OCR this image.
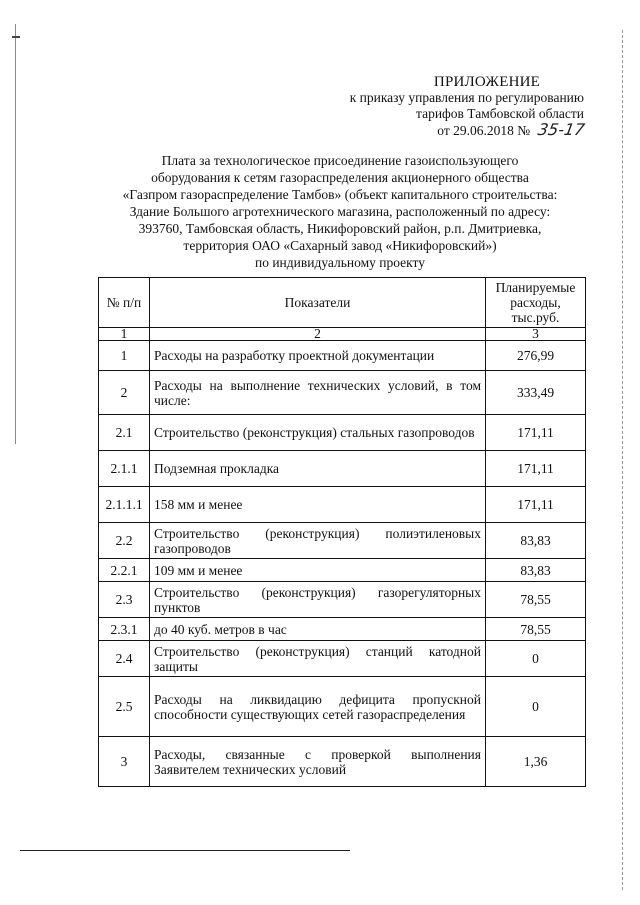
ПРИЛОЖЕНИЕ
к приказу управления по регулированию
тарифов Тамбовской области
от 29.06.2018 № 35-17
Плата за технологическое присоединение газоиспользующего
оборудования к сетям газораспределения акционерного общества
«Газпром газораспределение Тамбов» (объект капитального строительства:
Здание Большого агротехнического магазина, расположенный по адресу:
393760, Тамбовская область, Никифоровский район, р.п. Дмитриевка,
территория ОАО «Сахарный завод «Никифоровский»)
по индивидуальному проекту
№ п/п	Показатели	Планируемые расходы, тыс.руб.
1	2	3
1	Расходы на разработку проектной документации	276,99
2	Расходы на выполнение технических условий, в том числе:	333,49
2.1	Строительство (реконструкция) стальных газопроводов	171,11
2.1.1	Подземная прокладка	171,11
2.1.1.1	158 мм и менее	171,11
2.2	Строительство (реконструкция) полиэтиленовых газопроводов	83,83
2.2.1	109 мм и менее	83,83
2.3	Строительство (реконструкция) газорегуляторных пунктов	78,55
2.3.1	до 40 куб. метров в час	78,55
2.4	Строительство (реконструкция) станций катодной защиты	0
2.5	Расходы на ликвидацию дефицита пропускной способности существующих сетей газораспределения	0
3	Расходы, связанные с проверкой выполнения Заявителем технических условий	1,36
